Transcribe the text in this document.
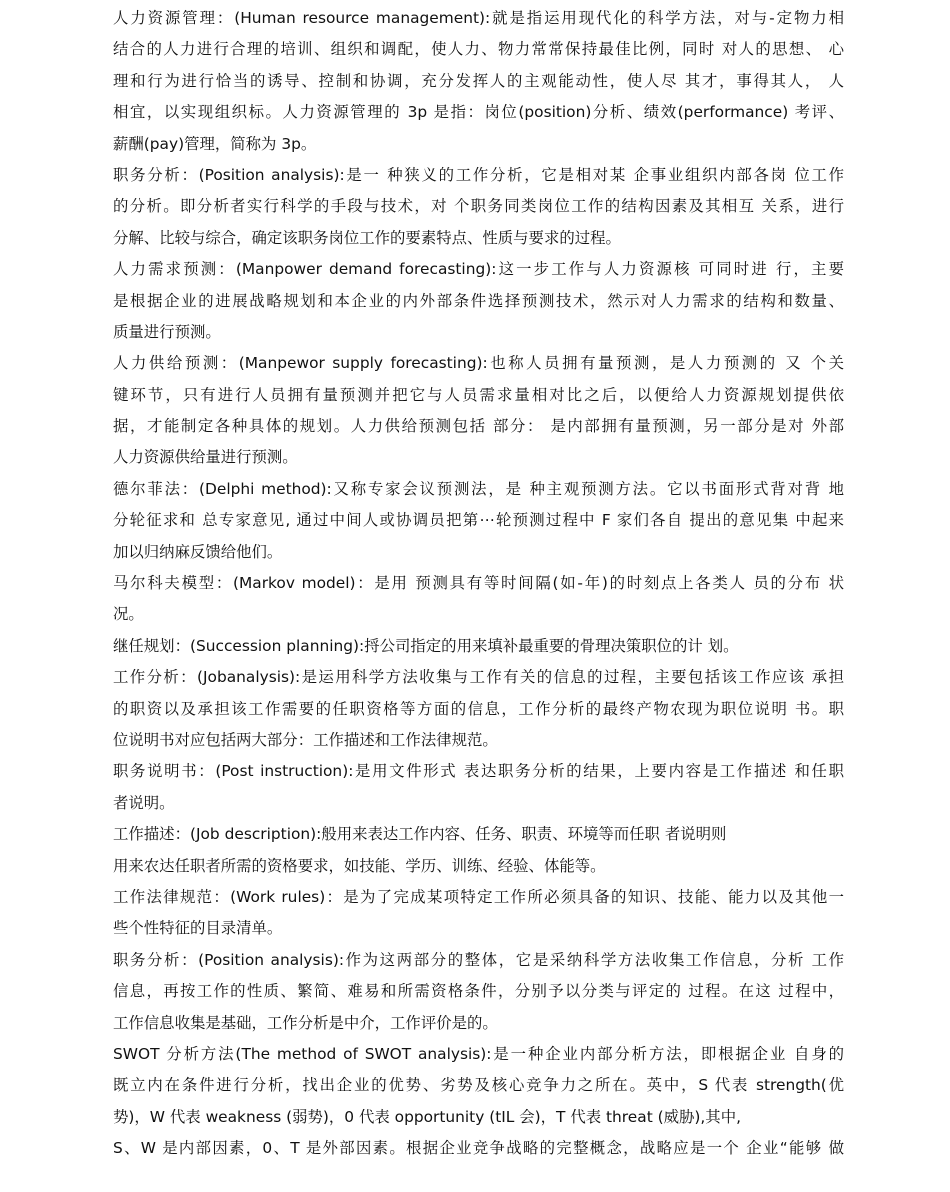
人力资源管理：(Human resource management):就是指运用现代化的科学方法，对与-定物力相
结合的人力进行合理的培训、组织和调配，使人力、物力常常保持最佳比例，同时 对人的思想、 心
理和行为进行恰当的诱导、控制和协调，充分发挥人的主观能动性，使人尽 其才，事得其人， 人
相宜，以实现组织标。人力资源管理的 3p 是指：岗位(position)分析、绩效(performance) 考评、
薪酬(pay)管理，简称为 3p。
职务分析：(Position analysis):是一 种狭义的工作分析，它是相对某 企事业组织内部各岗 位工作
的分析。即分析者实行科学的手段与技术，对 个职务同类岗位工作的结构因素及其相互 关系，进行
分解、比较与综合，确定该职务岗位工作的要素特点、性质与要求的过程。
人力需求预测：(Manpower demand forecasting):这一步工作与人力资源核 可同时进 行，主要
是根据企业的进展战略规划和本企业的内外部条件选择预测技术，然示对人力需求的结构和数量、
质量进行预测。
人力供给预测：(Manpewor supply forecasting):也称人员拥有量预测，是人力预测的 又 个关
键环节，只有进行人员拥有量预测并把它与人员需求量相对比之后，以便给人力资源规划提供依
据，才能制定各种具体的规划。人力供给预测包括 部分： 是内部拥有量预测，另一部分是对 外部
人力资源供给量进行预测。
德尔菲法：(Delphi method):又称专家会议预测法，是 种主观预测方法。它以书面形式背对背 地
分轮征求和 总专家意见, 通过中间人或协调员把第⋯轮预测过程中 F 家们各自 提出的意见集 中起来
加以归纳麻反馈给他们。
马尔科夫模型：(Markov model)：是用 预测具有等时间隔(如-年)的时刻点上各类人 员的分布 状
况。
继任规划：(Succession planning):捋公司指定的用来填补最重要的骨理决策职位的计 划。
工作分析：(Jobanalysis):是运用科学方法收集与工作有关的信息的过程，主要包括该工作应该 承担
的职资以及承担该工作需要的任职资格等方面的信息，工作分析的最终产物农现为职位说明 书。职
位说明书对应包括两大部分：工作描述和工作法律规范。
职务说明书：(Post instruction):是用文件形式 表达职务分析的结果，上要内容是工作描述 和任职
者说明。
工作描述：(Job description):般用来表达工作内容、任务、职责、环境等而任职 者说明则
用来农达任职者所需的资格要求，如技能、学历、训练、经验、体能等。
工作法律规范：(Work rules)：是为了完成某项特定工作所必须具备的知识、技能、能力以及其他一
些个性特征的目录清单。
职务分析：(Position analysis):作为这两部分的整体，它是采纳科学方法收集工作信息，分析 工作
信息，再按工作的性质、繁简、难易和所需资格条件，分别予以分类与评定的 过程。在这 过程中，
工作信息收集是基础，工作分析是中介，工作评价是的。
SWOT 分析方法(The method of SWOT analysis):是一种企业内部分析方法，即根据企业 自身的
既立内在条件进行分析，找出企业的优势、劣势及核心竞争力之所在。英中，S 代表 strength(优
势)，W 代表 weakness (弱势)，0 代表 opportunity (tIL 会)，T 代表 threat (威胁),其中,
S、W 是内部因素，0、T 是外部因素。根据企业竞争战略的完整概念，战略应是一个 企业“能够 做
